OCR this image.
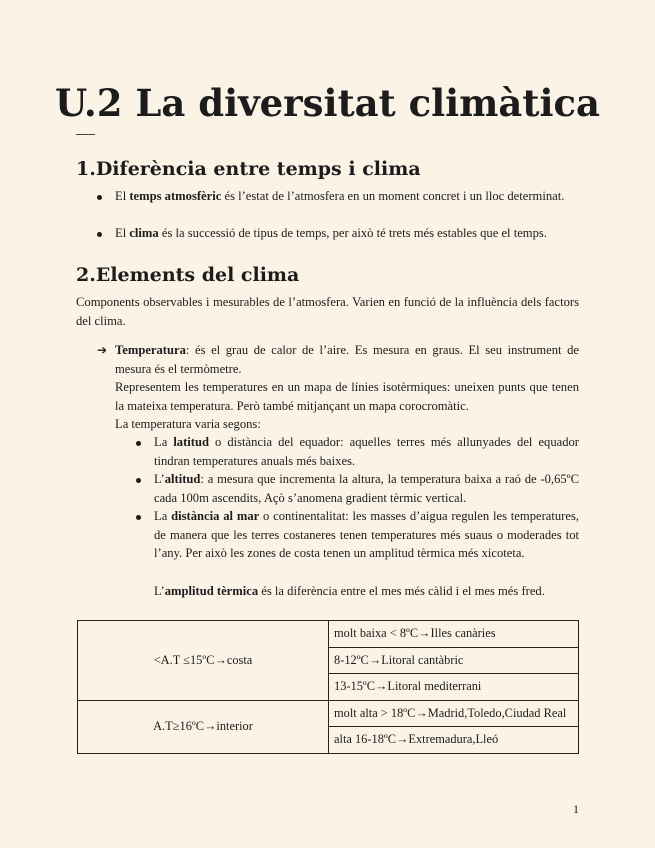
U.2 La diversitat climàtica
1.Diferència entre temps i clima
El temps atmosfèric és l’estat de l’atmosfera en un moment concret i un lloc determinat.
El clima és la successió de tipus de temps, per això té trets més estables que el temps.
2.Elements del clima
Components observables i mesurables de l’atmosfera. Varien en funció de la influència dels factors del clima.
➔ Temperatura: és el grau de calor de l’aire. Es mesura en graus. El seu instrument de mesura és el termòmetre.
Representem les temperatures en un mapa de línies isotèrmiques: uneixen punts que tenen la mateixa temperatura. Però també mitjançant un mapa corocromàtic.
La temperatura varia segons:
La latitud o distància del equador: aquelles terres més allunyades del equador tindran temperatures anuals més baixes.
L’altitud: a mesura que incrementa la altura, la temperatura baixa a raó de -0,65ºC cada 100m ascendits, Açò s’anomena gradient tèrmic vertical.
La distància al mar o continentalitat: les masses d’aigua regulen les temperatures, de manera que les terres costaneres tenen temperatures més suaus o moderades tot l’any. Per això les zones de costa tenen un amplitud tèrmica més xicoteta.
L’amplitud tèrmica és la diferència entre el mes més càlid i el mes més fred.
<A.T ≤15ºC→costa	molt baixa < 8ºC→Illes canàries
	8-12ºC→Litoral cantàbric
	13-15ºC→Litoral mediterrani
A.T≥16ºC→interior	molt alta > 18ºC→Madrid,Toledo,Ciudad Real
	alta 16-18ºC→Extremadura,Lleó
1
